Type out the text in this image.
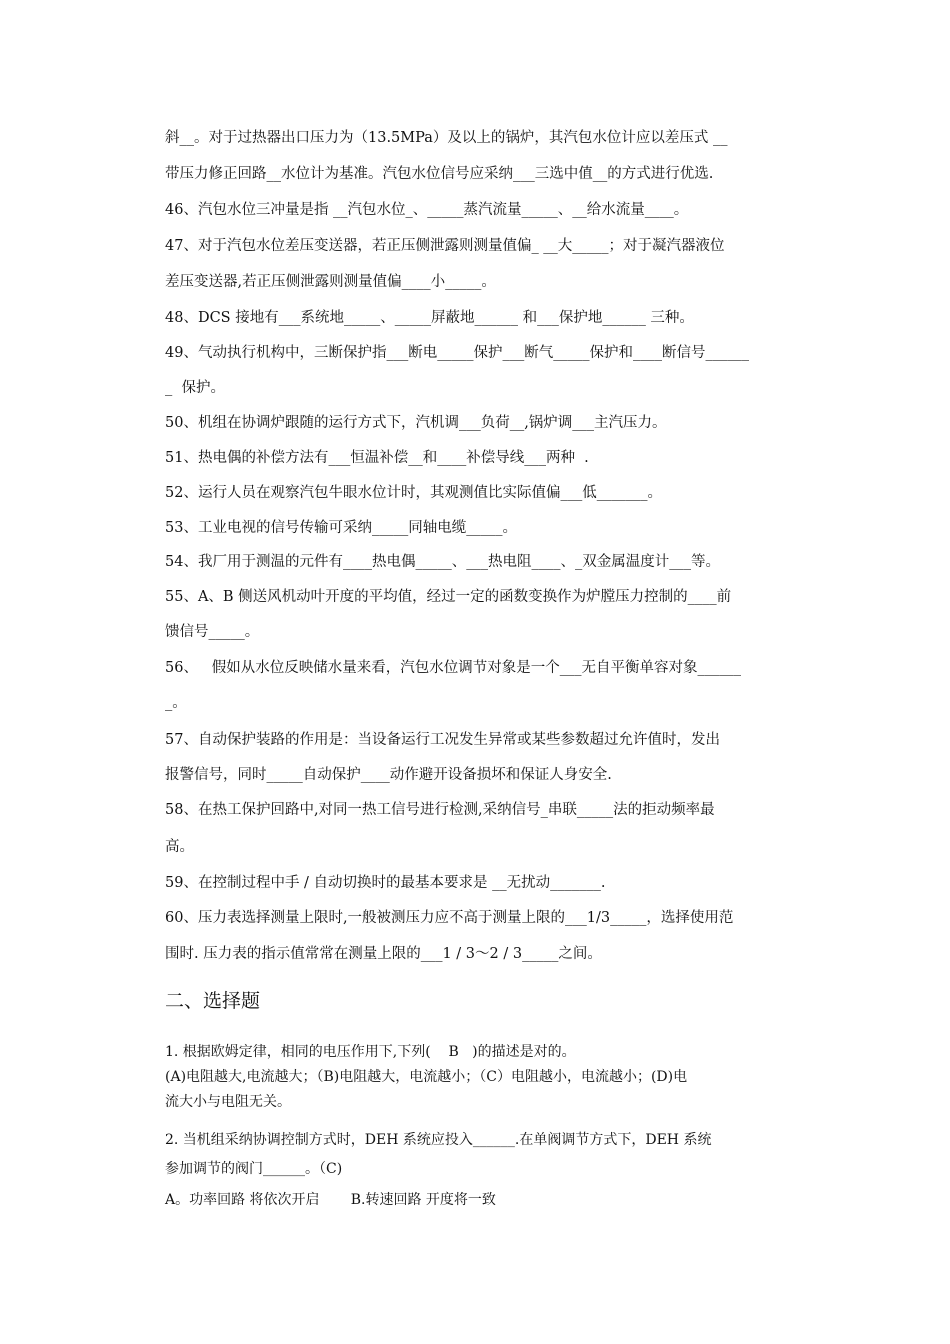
斜__。对于过热器出口压力为（13.5MPa）及以上的锅炉，其汽包水位计应以差压式 __
带压力修正回路__水位计为基准。汽包水位信号应采纳___三选中值__的方式进行优选.
46、汽包水位三冲量是指 __汽包水位_、_____蒸汽流量_____、__给水流量____。
47、对于汽包水位差压变送器，若正压侧泄露则测量值偏_ __大_____；对于凝汽器液位
差压变送器,若正压侧泄露则测量值偏____小_____。
48、DCS 接地有___系统地_____、_____屏蔽地______ 和___保护地______ 三种。
49、气动执行机构中，三断保护指___断电_____保护___断气_____保护和____断信号______
_  保护。
50、机组在协调炉跟随的运行方式下，汽机调___负荷__,锅炉调___主汽压力。
51、热电偶的补偿方法有___恒温补偿__和____补偿导线___两种  .
52、运行人员在观察汽包牛眼水位计时，其观测值比实际值偏___低_______。
53、工业电视的信号传输可采纳_____同轴电缆_____。
54、我厂用于测温的元件有____热电偶_____、___热电阻____、_双金属温度计___等。
55、A、B 侧送风机动叶开度的平均值，经过一定的函数变换作为炉膛压力控制的____前
馈信号_____。
56、   假如从水位反映储水量来看，汽包水位调节对象是一个___无自平衡单容对象______
_。
57、自动保护装路的作用是：当设备运行工况发生异常或某些参数超过允许值时，发出
报警信号，同时_____自动保护____动作避开设备损坏和保证人身安全.
58、在热工保护回路中,对同一热工信号进行检测,采纳信号_串联_____法的拒动频率最
高。
59、在控制过程中手 / 自动切换时的最基本要求是 __无扰动_______.
60、压力表选择测量上限时,一般被测压力应不高于测量上限的___1/3_____，选择使用范
围时. 压力表的指示值常常在测量上限的___1 / 3～2 / 3_____之间。
二、选择题
1. 根据欧姆定律，相同的电压作用下,下列(    B   )的描述是对的。
(A)电阻越大,电流越大；（B)电阻越大，电流越小；（C）电阻越小，电流越小；(D)电
流大小与电阻无关。
2. 当机组采纳协调控制方式时，DEH 系统应投入______.在单阀调节方式下，DEH 系统
参加调节的阀门______。（C)
A。功率回路 将依次开启       B.转速回路 开度将一致
